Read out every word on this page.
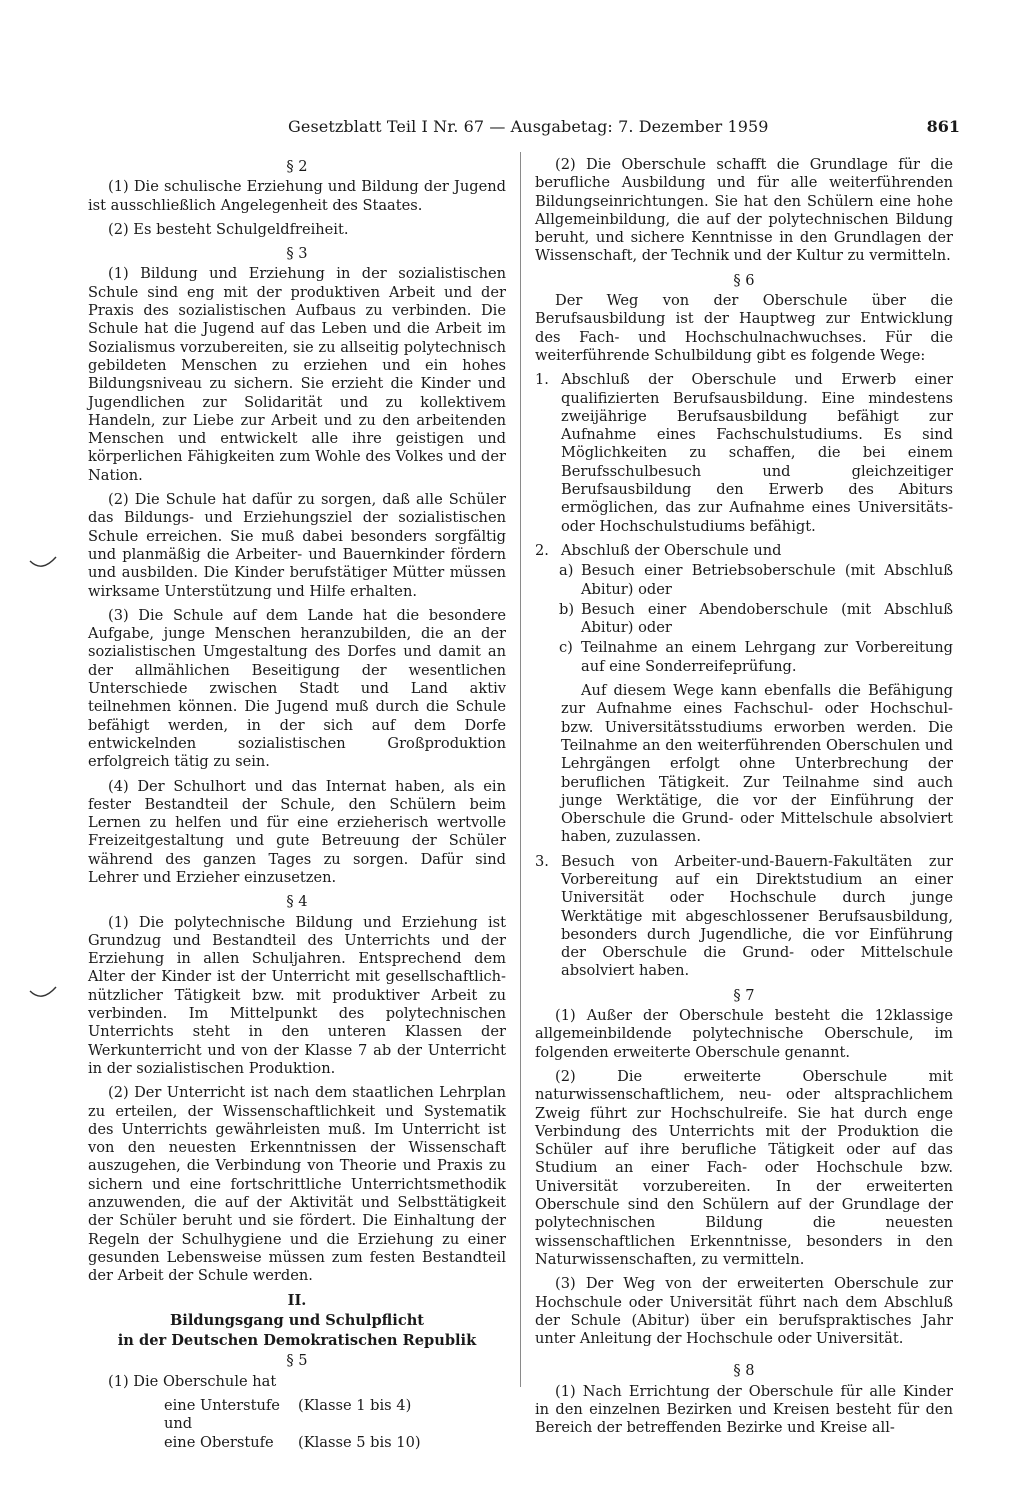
Gesetzblatt Teil I Nr. 67 — Ausgabetag: 7. Dezember 1959	861
§ 2

(1) Die schulische Erziehung und Bildung der Jugend ist ausschließlich Angelegenheit des Staates.

(2) Es besteht Schulgeldfreiheit.

§ 3

(1) Bildung und Erziehung in der sozialistischen Schule sind eng mit der produktiven Arbeit und der Praxis des sozialistischen Aufbaus zu verbinden. Die Schule hat die Jugend auf das Leben und die Arbeit im Sozialismus vorzubereiten, sie zu allseitig polytechnisch gebildeten Menschen zu erziehen und ein hohes Bildungsniveau zu sichern. Sie erzieht die Kinder und Jugendlichen zur Solidarität und zu kollektivem Handeln, zur Liebe zur Arbeit und zu den arbeitenden Menschen und entwickelt alle ihre geistigen und körperlichen Fähigkeiten zum Wohle des Volkes und der Nation.

(2) Die Schule hat dafür zu sorgen, daß alle Schüler das Bildungs- und Erziehungsziel der sozialistischen Schule erreichen. Sie muß dabei besonders sorgfältig und planmäßig die Arbeiter- und Bauernkinder fördern und ausbilden. Die Kinder berufstätiger Mütter müssen wirksame Unterstützung und Hilfe erhalten.

(3) Die Schule auf dem Lande hat die besondere Aufgabe, junge Menschen heranzubilden, die an der sozialistischen Umgestaltung des Dorfes und damit an der allmählichen Beseitigung der wesentlichen Unterschiede zwischen Stadt und Land aktiv teilnehmen können. Die Jugend muß durch die Schule befähigt werden, in der sich auf dem Dorfe entwickelnden sozialistischen Großproduktion erfolgreich tätig zu sein.

(4) Der Schulhort und das Internat haben, als ein fester Bestandteil der Schule, den Schülern beim Lernen zu helfen und für eine erzieherisch wertvolle Freizeitgestaltung und gute Betreuung der Schüler während des ganzen Tages zu sorgen. Dafür sind Lehrer und Erzieher einzusetzen.

§ 4

(1) Die polytechnische Bildung und Erziehung ist Grundzug und Bestandteil des Unterrichts und der Erziehung in allen Schuljahren. Entsprechend dem Alter der Kinder ist der Unterricht mit gesellschaftlich-nützlicher Tätigkeit bzw. mit produktiver Arbeit zu verbinden. Im Mittelpunkt des polytechnischen Unterrichts steht in den unteren Klassen der Werkunterricht und von der Klasse 7 ab der Unterricht in der sozialistischen Produktion.

(2) Der Unterricht ist nach dem staatlichen Lehrplan zu erteilen, der Wissenschaftlichkeit und Systematik des Unterrichts gewährleisten muß. Im Unterricht ist von den neuesten Erkenntnissen der Wissenschaft auszugehen, die Verbindung von Theorie und Praxis zu sichern und eine fortschrittliche Unterrichtsmethodik anzuwenden, die auf der Aktivität und Selbsttätigkeit der Schüler beruht und sie fördert. Die Einhaltung der Regeln der Schulhygiene und die Erziehung zu einer gesunden Lebensweise müssen zum festen Bestandteil der Arbeit der Schule werden.

II.
Bildungsgang und Schulpflicht
in der Deutschen Demokratischen Republik
§ 5

(1) Die Oberschule hat

eine Unterstufe	(Klasse 1 bis 4)
und
eine Oberstufe	(Klasse 5 bis 10)

(2) Die Oberschule schafft die Grundlage für die berufliche Ausbildung und für alle weiterführenden Bildungseinrichtungen. Sie hat den Schülern eine hohe Allgemeinbildung, die auf der polytechnischen Bildung beruht, und sichere Kenntnisse in den Grundlagen der Wissenschaft, der Technik und der Kultur zu vermitteln.

§ 6

Der Weg von der Oberschule über die Berufsausbildung ist der Hauptweg zur Entwicklung des Fach- und Hochschulnachwuchses. Für die weiterführende Schulbildung gibt es folgende Wege:

1. Abschluß der Oberschule und Erwerb einer qualifizierten Berufsausbildung. Eine mindestens zweijährige Berufsausbildung befähigt zur Aufnahme eines Fachschulstudiums. Es sind Möglichkeiten zu schaffen, die bei einem Berufsschulbesuch und gleichzeitiger Berufsausbildung den Erwerb des Abiturs ermöglichen, das zur Aufnahme eines Universitäts- oder Hochschulstudiums befähigt.
2. Abschluß der Oberschule und
a) Besuch einer Betriebsoberschule (mit Abschluß Abitur) oder
b) Besuch einer Abendoberschule (mit Abschluß Abitur) oder
c) Teilnahme an einem Lehrgang zur Vorbereitung auf eine Sonderreifeprüfung.

Auf diesem Wege kann ebenfalls die Befähigung zur Aufnahme eines Fachschul- oder Hochschul- bzw. Universitätsstudiums erworben werden. Die Teilnahme an den weiterführenden Oberschulen und Lehrgängen erfolgt ohne Unterbrechung der beruflichen Tätigkeit. Zur Teilnahme sind auch junge Werktätige, die vor der Einführung der Oberschule die Grund- oder Mittelschule absolviert haben, zuzulassen.

3. Besuch von Arbeiter-und-Bauern-Fakultäten zur Vorbereitung auf ein Direktstudium an einer Universität oder Hochschule durch junge Werktätige mit abgeschlossener Berufsausbildung, besonders durch Jugendliche, die vor Einführung der Oberschule die Grund- oder Mittelschule absolviert haben.
§ 7

(1) Außer der Oberschule besteht die 12klassige allgemeinbildende polytechnische Oberschule, im folgenden erweiterte Oberschule genannt.

(2) Die erweiterte Oberschule mit naturwissenschaftlichem, neu- oder altsprachlichem Zweig führt zur Hochschulreife. Sie hat durch enge Verbindung des Unterrichts mit der Produktion die Schüler auf ihre berufliche Tätigkeit oder auf das Studium an einer Fach- oder Hochschule bzw. Universität vorzubereiten. In der erweiterten Oberschule sind den Schülern auf der Grundlage der polytechnischen Bildung die neuesten wissenschaftlichen Erkenntnisse, besonders in den Naturwissenschaften, zu vermitteln.

(3) Der Weg von der erweiterten Oberschule zur Hochschule oder Universität führt nach dem Abschluß der Schule (Abitur) über ein berufspraktisches Jahr unter Anleitung der Hochschule oder Universität.

§ 8

(1) Nach Errichtung der Oberschule für alle Kinder in den einzelnen Bezirken und Kreisen besteht für den Bereich der betreffenden Bezirke und Kreise all-
